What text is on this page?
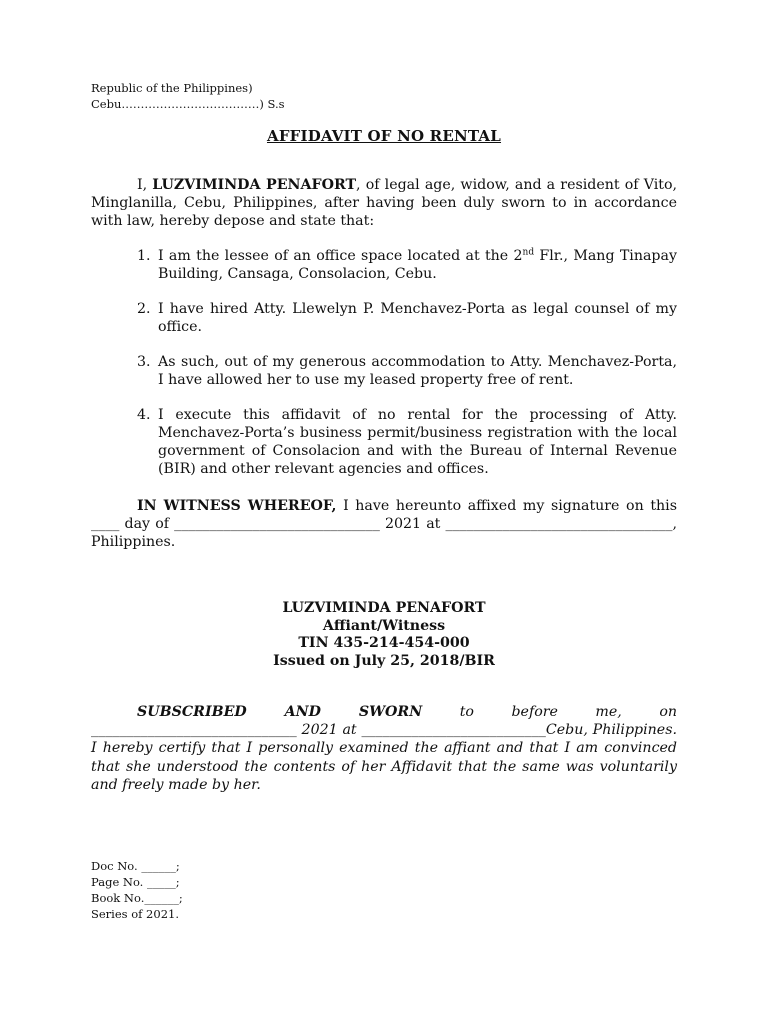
Republic of the Philippines)
Cebu………………………………) S.s
AFFIDAVIT OF NO RENTAL

I, LUZVIMINDA PENAFORT, of legal age, widow, and a resident of Vito, Minglanilla, Cebu, Philippines, after having been duly sworn to in accordance with law, hereby depose and state that:

1. I am the lessee of an office space located at the 2nd Flr., Mang Tinapay Building, Cansaga, Consolacion, Cebu.
2. I have hired Atty. Llewelyn P. Menchavez-Porta as legal counsel of my office.
3. As such, out of my generous accommodation to Atty. Menchavez-Porta, I have allowed her to use my leased property free of rent.
4. I execute this affidavit of no rental for the processing of Atty. Menchavez-Porta’s business permit/business registration with the local government of Consolacion and with the Bureau of Internal Revenue (BIR) and other relevant agencies and offices.

IN WITNESS WHEREOF, I have hereunto affixed my signature on this ____ day of _____________________________ 2021 at ________________________________, Philippines.

LUZVIMINDA PENAFORT
Affiant/Witness
TIN 435-214-454-000
Issued on July 25, 2018/BIR

SUBSCRIBED AND SWORN to before me, on _____________________________ 2021 at __________________________Cebu, Philippines. I hereby certify that I personally examined the affiant and that I am convinced that she understood the contents of her Affidavit that the same was voluntarily and freely made by her.

Doc No. ______;
Page No. _____;
Book No.______;
Series of 2021.
